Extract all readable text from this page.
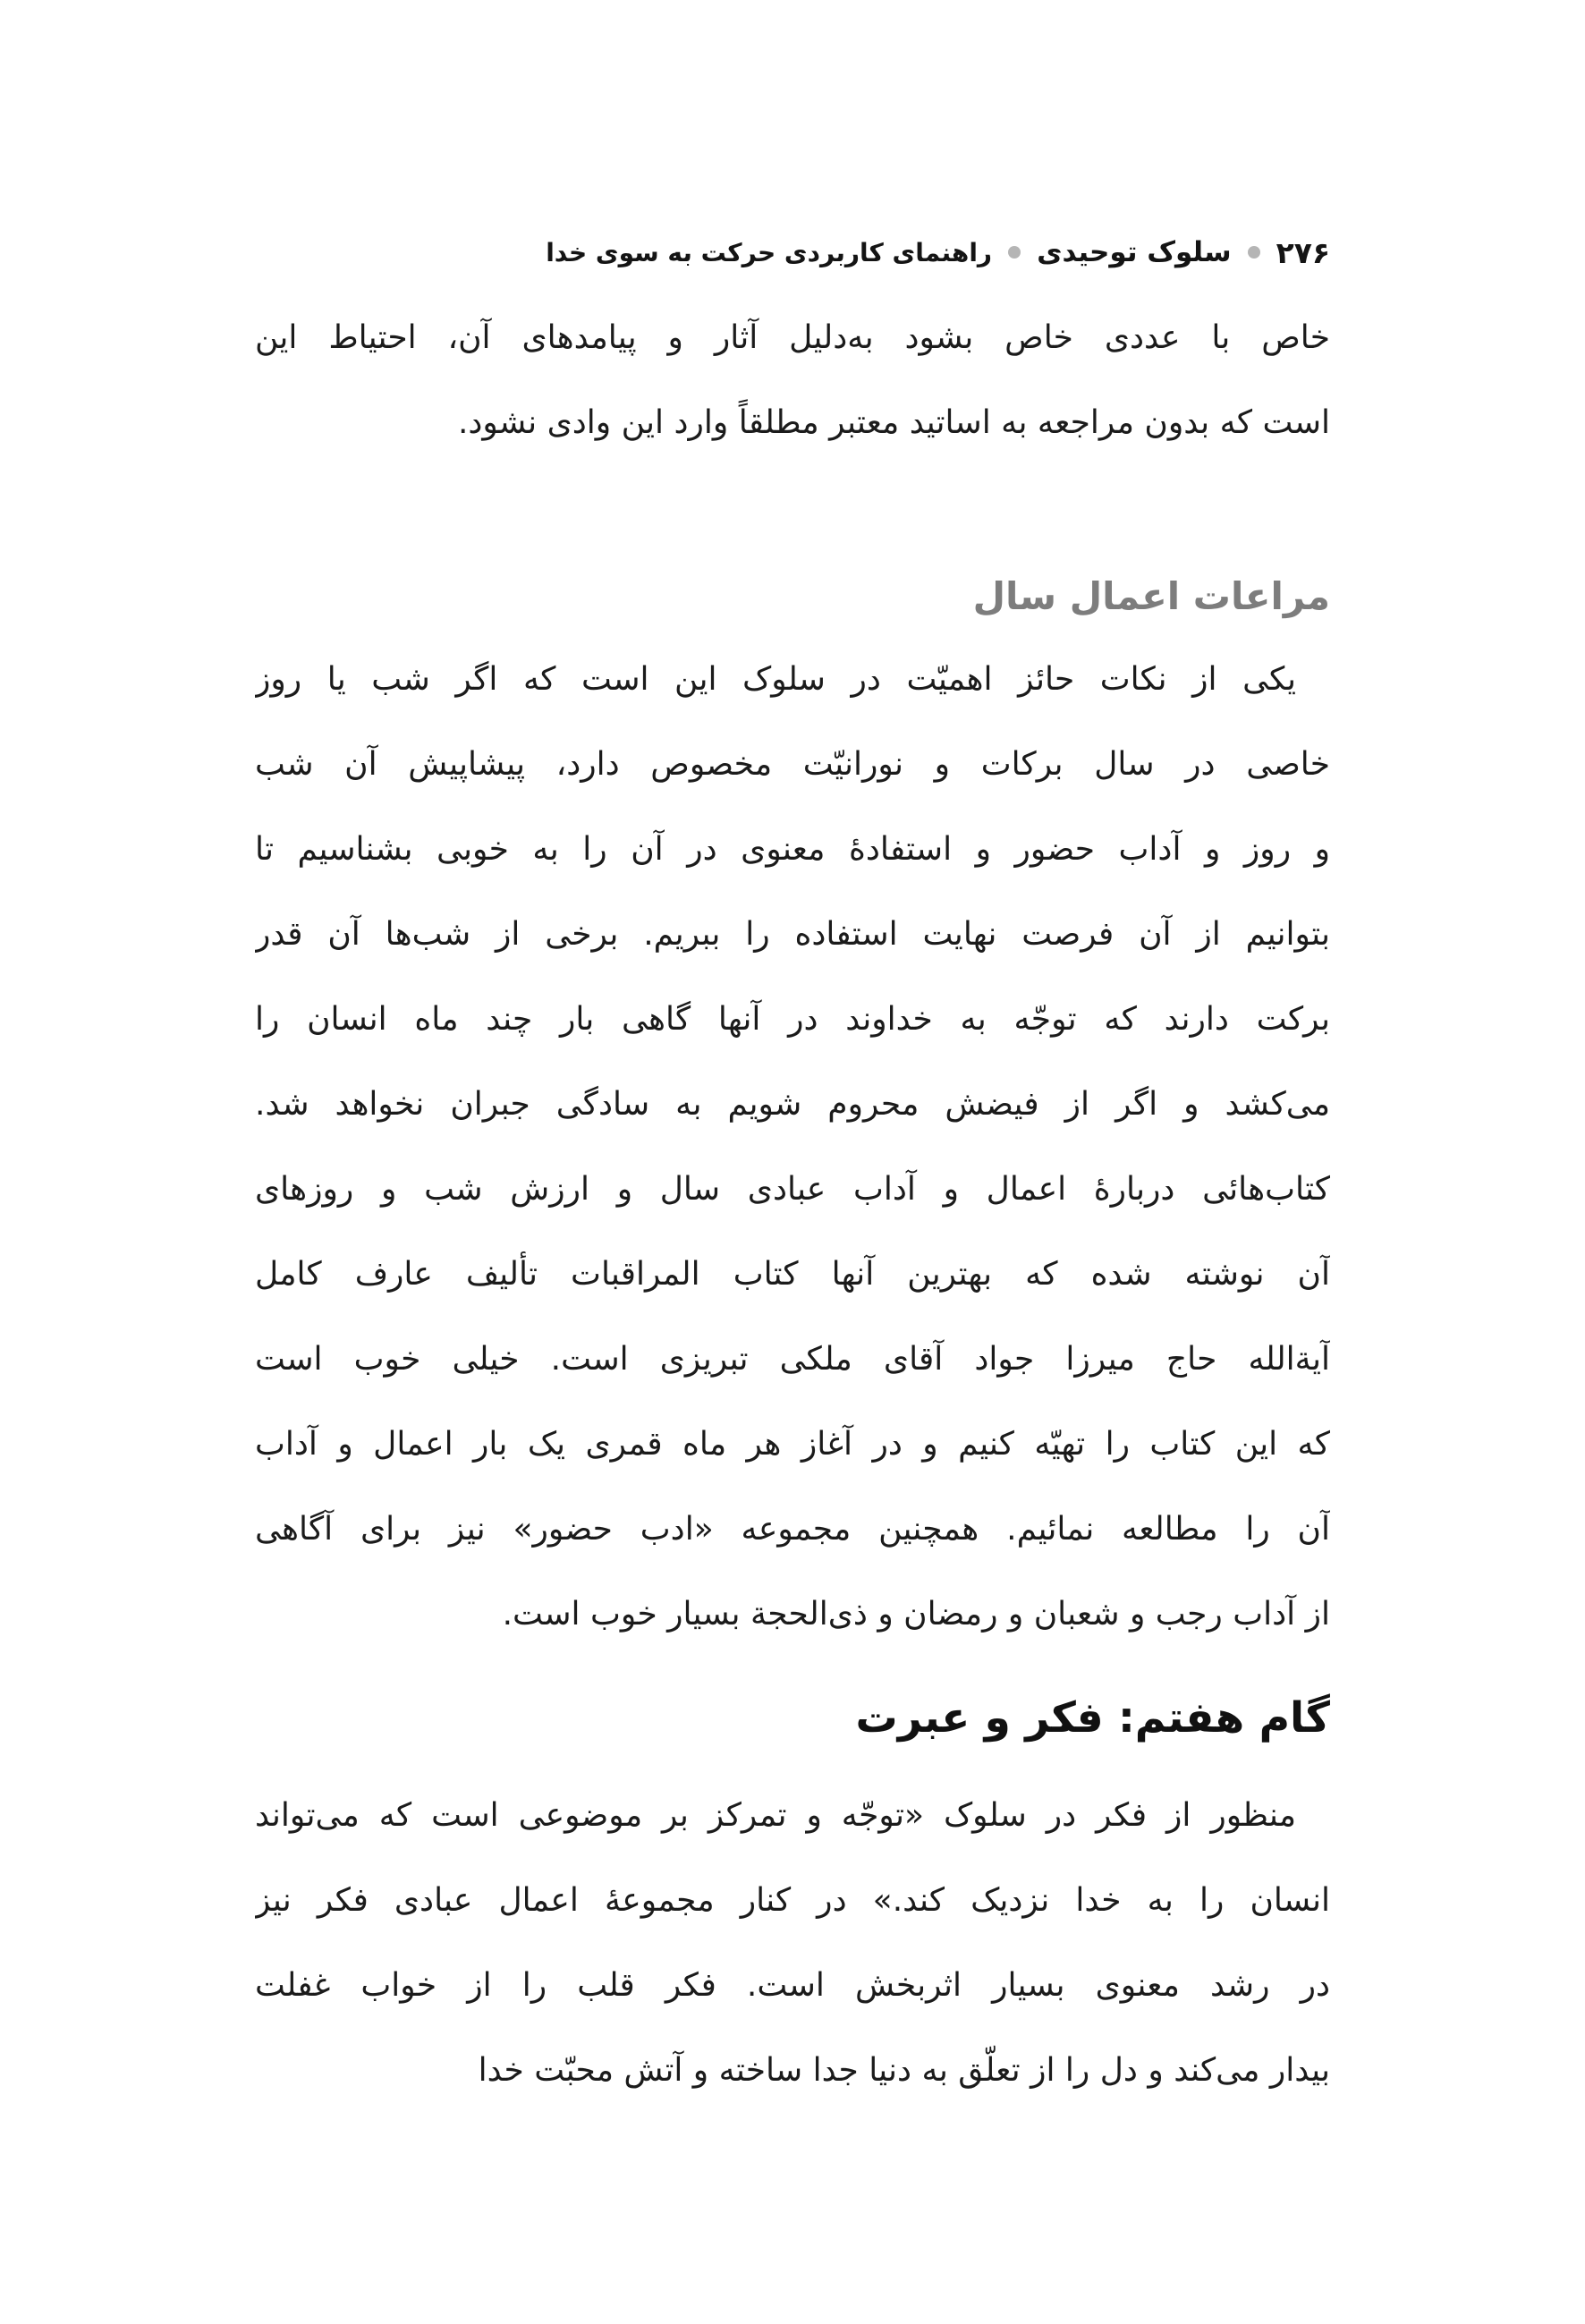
۲۷۶
سلوک توحیدی
راهنمای کاربردی حرکت به سوی خدا
خاص با عددی خاص بشود به‌دلیل آثار و پیامدهای آن، احتیاط این
است که بدون مراجعه به اساتید معتبر مطلقاً وارد این وادی نشود.
مراعات اعمال سال
یکی از نکات حائز اهمیّت در سلوک این است که اگر شب یا روز
خاصی در سال برکات و نورانیّت مخصوص دارد، پیشاپیش آن شب
و روز و آداب حضور و استفادهٔ معنوی در آن را به خوبی بشناسیم تا
بتوانیم از آن فرصت نهایت استفاده را ببریم. برخی از شب‌ها آن قدر
برکت دارند که توجّه به خداوند در آنها گاهی بار چند ماه انسان را
می‌کشد و اگر از فیضش محروم شویم به سادگی جبران نخواهد شد.
کتاب‌هائی دربارهٔ اعمال و آداب عبادی سال و ارزش شب و روزهای
آن نوشته شده که بهترین آنها کتاب المراقبات تألیف عارف کامل
آیةالله حاج میرزا جواد آقای ملکی تبریزی است. خیلی خوب است
که این کتاب را تهیّه کنیم و در آغاز هر ماه قمری یک بار اعمال و آداب
آن را مطالعه نمائیم. همچنین مجموعه «ادب حضور» نیز برای آگاهی
از آداب رجب و شعبان و رمضان و ذی‌الحجة بسیار خوب است.
گام هفتم: فکر و عبرت
منظور از فکر در سلوک «توجّه و تمرکز بر موضوعی است که می‌تواند
انسان را به خدا نزدیک کند.» در کنار مجموعهٔ اعمال عبادی فکر نیز
در رشد معنوی بسیار اثربخش است. فکر قلب را از خواب غفلت
بیدار می‌کند و دل را از تعلّق به دنیا جدا ساخته و آتش محبّت خدا
